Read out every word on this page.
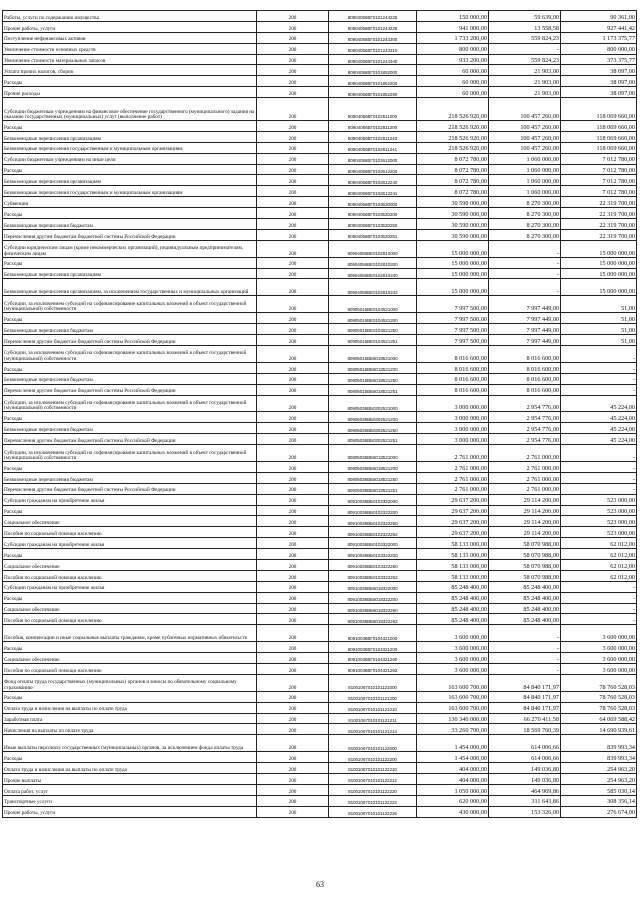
Работы, услуги по содержанию имущества	200	80904056ВГ0101244225	150 000,00	59 639,00	90 361,00
Прочие работы, услуги	200	80904056ВГ0101244226	941 000,00	13 558,58	927 441,42
Поступление нефинансовых активов	200	80904056ВГ0101244300	1 733 200,00	559 824,23	1 173 375,77
Увеличение стоимости основных средств	200	80904056ВГ0101244310	800 000,00	-	800 000,00
Увеличение стоимости материальных запасов	200	80904056ВГ0101244340	933 200,00	559 824,23	373 375,77
Уплата прочих налогов, сборов	200	80904056ВГ0101852000	60 000,00	21 903,00	38 097,00
Расходы	200	80904056ВГ0101852200	60 000,00	21 903,00	38 097,00
Прочие расходы	200	80904056ВГ0101852290	60 000,00	21 903,00	38 097,00
Субсидии бюджетным учреждениям на финансовое обеспечение государственного (муниципального) задания на оказание государственных (муниципальных) услуг (выполнение работ)	200	80904056ВГ0102611000	218 526 920,00	100 457 260,00	118 069 660,00
Расходы	200	80904056ВГ0102611200	218 526 920,00	100 457 260,00	118 069 660,00
Безвозмездные перечисления организациям	200	80904056ВГ0102611240	218 526 920,00	100 457 260,00	118 069 660,00
Безвозмездные перечисления государственным и муниципальным организациям	200	80904056ВГ0102611241	218 526 920,00	100 457 260,00	118 069 660,00
Субсидии бюджетным учреждениям на иные цели	200	80904056ВГ0102612000	8 072 780,00	1 060 000,00	7 012 780,00
Расходы	200	80904056ВГ0102612200	8 072 780,00	1 060 000,00	7 012 780,00
Безвозмездные перечисления организациям	200	80904056ВГ0102612240	8 072 780,00	1 060 000,00	7 012 780,00
Безвозмездные перечисления государственным и муниципальным организациям	200	80904056ВГ0102612241	8 072 780,00	1 060 000,00	7 012 780,00
Субвенции	200	80904056ВГ0103530000	30 590 000,00	8 270 300,00	22 319 700,00
Расходы	200	80904056ВГ0103530200	30 590 000,00	8 270 300,00	22 319 700,00
Безвозмездные перечисления бюджетам	200	80904056ВГ0103530250	30 590 000,00	8 270 300,00	22 319 700,00
Перечисления другим бюджетам бюджетной системы Российской Федерации	200	80904056ВГ0103530251	30 590 000,00	8 270 300,00	22 319 700,00
Субсидии юридическим лицам (кроме некоммерческих организаций), индивидуальным предпринимателям, физическим лицам	200	80904056ВЕ0102810000	15 000 000,00	-	15 000 000,00
Расходы	200	80904056ВЕ0102810200	15 000 000,00	-	15 000 000,00
Безвозмездные перечисления организациям	200	80904056ВЕ0102810240	15 000 000,00	-	15 000 000,00
Безвозмездные перечисления организациям, за исключением государственных и муниципальных организаций	200	80904056ВЕ0102810242	15 000 000,00	-	15 000 000,00
Субсидии, за исключением субсидий на софинансирование капитальных вложений в объект государственной (муниципальной) собственности	200	80905016ВЕ0104521000	7 997 500,00	7 997 449,00	51,00
Расходы	200	80905016ВЕ0104521200	7 997 500,00	7 997 449,00	51,00
Безвозмездные перечисления бюджетам	200	80905016ВЕ0104521250	7 997 500,00	7 997 449,00	51,00
Перечисления другим бюджетам бюджетной системы Российской Федерации	200	80905016ВЕ0104521251	7 997 500,00	7 997 449,00	51,00
Субсидии, за исключением субсидий на софинансирование капитальных вложений в объект государственной (муниципальной) собственности	200	80905016ВБ5018521000	8 016 600,00	8 016 600,00	-
Расходы	200	80905016ВБ5018521200	8 016 600,00	8 016 600,00	-
Безвозмездные перечисления бюджетам	200	80905016ВБ5018521250	8 016 600,00	8 016 600,00	-
Перечисления другим бюджетам бюджетной системы Российской Федерации	200	80905016ВБ5018521251	8 016 600,00	8 016 600,00	-
Субсидии, за исключением субсидий на софинансирование капитальных вложений в объект государственной (муниципальной) собственности	200	80905036ВБ0302521000	3 000 000,00	2 954 776,00	45 224,00
Расходы	200	80905036ВБ0302521200	3 000 000,00	2 954 776,00	45 224,00
Безвозмездные перечисления бюджетам	200	80905036ВБ0302521250	3 000 000,00	2 954 776,00	45 224,00
Перечисления другим бюджетам бюджетной системы Российской Федерации	200	80905036ВБ0302521251	3 000 000,00	2 954 776,00	45 224,00
Субсидии, за исключением субсидий на софинансирование капитальных вложений в объект государственной (муниципальной) собственности	200	80905036ВБ5018521000	2 761 000,00	2 761 000,00	-
Расходы	200	80905036ВБ5018521200	2 761 000,00	2 761 000,00	-
Безвозмездные перечисления бюджетам	200	80905036ВБ5018521250	2 761 000,00	2 761 000,00	-
Перечисления другим бюджетам бюджетной системы Российской Федерации	200	80905036ВБ5018521251	2 761 000,00	2 761 000,00	-
Субсидии гражданам на приобретение жилья	200	80910036ВБ0102322000	29 637 200,00	29 114 200,00	523 000,00
Расходы	200	80910036ВБ0102322200	29 637 200,00	29 114 200,00	523 000,00
Социальное обеспечение	200	80910036ВБ0102322260	29 637 200,00	29 114 200,00	523 000,00
Пособия по социальной помощи населению	200	80910036ВБ0102322262	29 637 200,00	29 114 200,00	523 000,00
Субсидии гражданам на приобретение жилья	200	80910036ВБ0103322000	58 133 000,00	58 070 988,00	62 012,00
Расходы	200	80910036ВБ0103322200	58 133 000,00	58 070 988,00	62 012,00
Социальное обеспечение	200	80910036ВБ0103322260	58 133 000,00	58 070 988,00	62 012,00
Пособия по социальной помощи населению	200	80910036ВБ0103322262	58 133 000,00	58 070 988,00	62 012,00
Субсидии гражданам на приобретение жилья	200	80910036ВБ5018322000	85 248 400,00	85 248 400,00	-
Расходы	200	80910036ВБ5018322200	85 248 400,00	85 248 400,00	-
Социальное обеспечение	200	80910036ВБ5018322260	85 248 400,00	85 248 400,00	-
Пособия по социальной помощи населению	200	80910036ВБ5018322262	85 248 400,00	85 248 400,00	-
Пособия, компенсации и иные социальные выплаты гражданам, кроме публичных нормативных обязательств	200	80910036ВГ0104321000	3 600 000,00	-	3 600 000,00
Расходы	200	80910036ВГ0104321200	3 600 000,00	-	3 600 000,00
Социальное обеспечение	200	80910036ВГ0104321260	3 600 000,00	-	3 600 000,00
Пособия по социальной помощи населению	200	80910036ВГ0104321262	3 600 000,00	-	3 600 000,00
Фонд оплаты труда государственных (муниципальных) органов и взносы по обязательному социальному страхованию	200	81001067010101121000	163 600 700,00	84 840 171,97	78 760 528,03
Расходы	200	81001067010101121200	163 600 700,00	84 840 171,97	78 760 528,03
Оплата труда и начисления на выплаты по оплате труда	200	81001067010101121210	163 600 700,00	84 840 171,97	78 760 528,03
Заработная плата	200	81001067010101121211	130 340 000,00	66 270 411,58	64 069 588,42
Начисления на выплаты по оплате труда	200	81001067010101121213	33 260 700,00	18 569 760,39	14 690 939,61
Иные выплаты персоналу государственных (муниципальных) органов, за исключением фонда оплаты труда	200	81001067010101122000	1 454 000,00	614 006,66	839 993,34
Расходы	200	81001067010101122200	1 454 000,00	614 006,66	839 993,34
Оплата труда и начисления на выплаты по оплате труда	200	81001067010101122210	404 000,00	149 036,80	254 963,20
Прочие выплаты	200	81001067010101122212	404 000,00	149 036,80	254 963,20
Оплата работ, услуг	200	81001067010101122220	1 050 000,00	464 969,86	585 030,14
Транспортные услуги	200	81001067010101122222	620 000,00	311 643,86	308 356,14
Прочие работы, услуги	200	81001067010101122226	430 000,00	153 326,00	276 674,00
63
